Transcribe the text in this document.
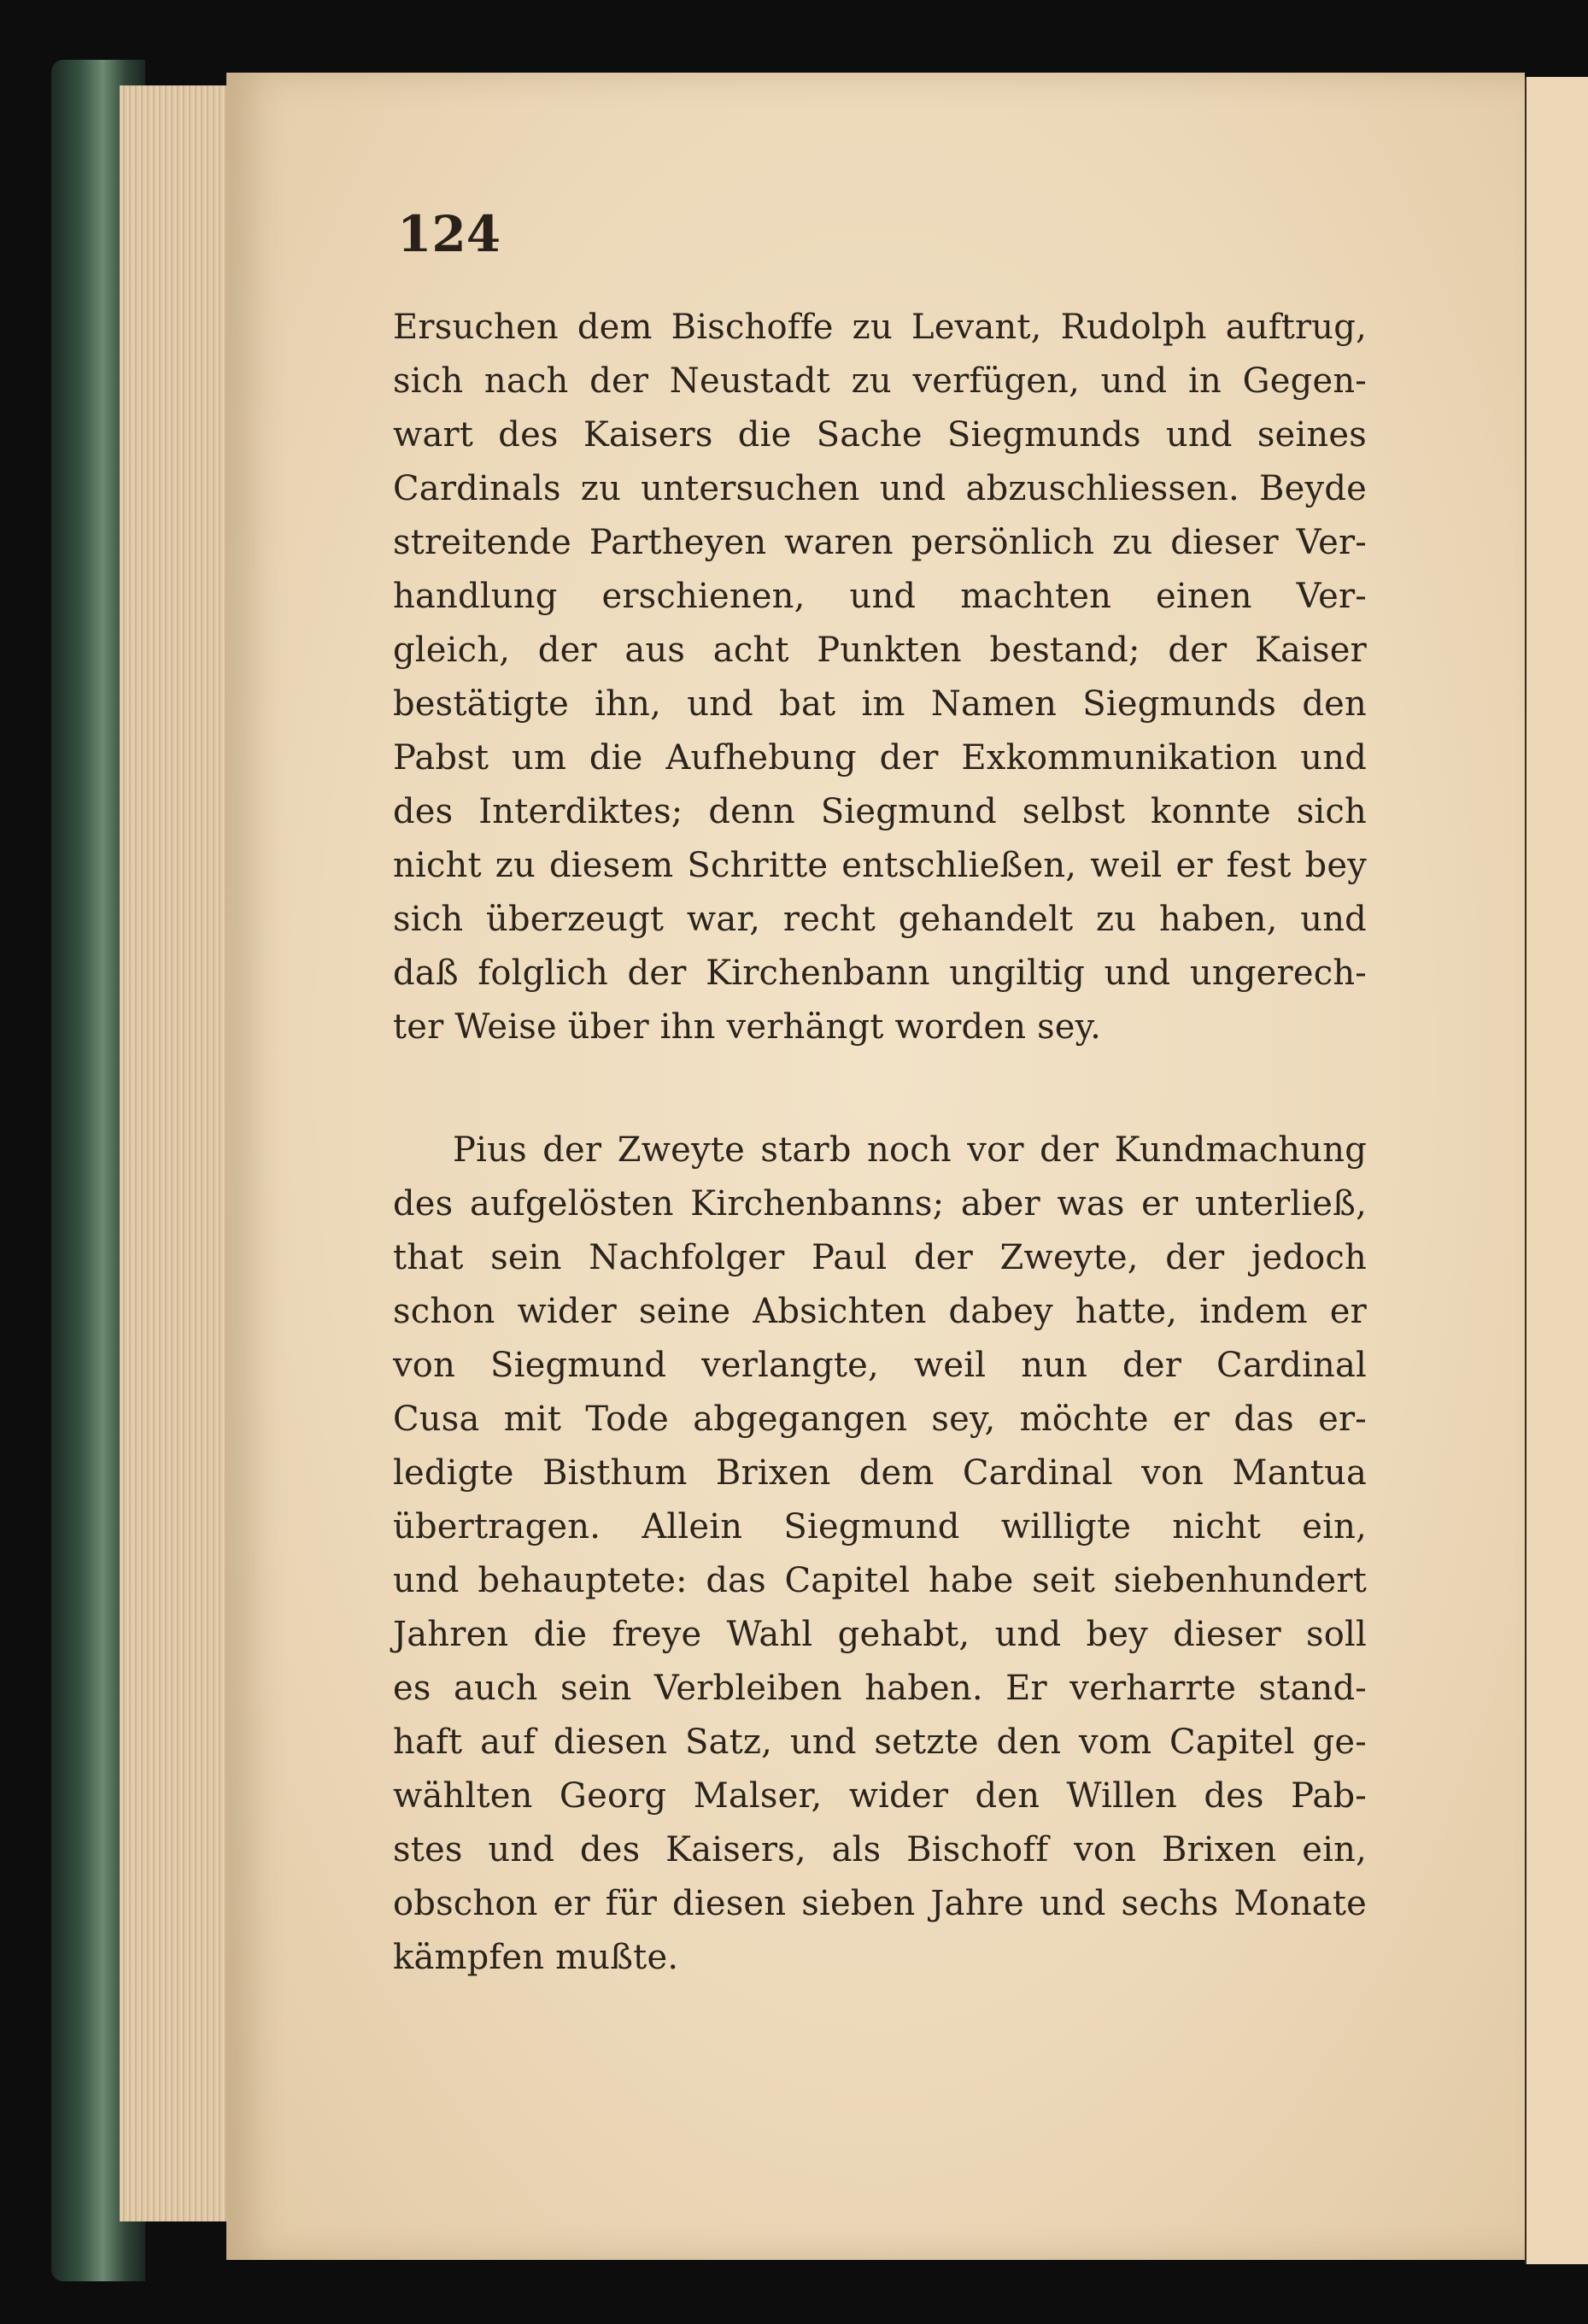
124
Ersuchen dem Bischoffe zu Levant, Rudolph auftrug,
sich nach der Neustadt zu verfügen, und in Gegen-
wart des Kaisers die Sache Siegmunds und seines
Cardinals zu untersuchen und abzuschliessen. Beyde
streitende Partheyen waren persönlich zu dieser Ver-
handlung erschienen, und machten einen Ver-
gleich, der aus acht Punkten bestand; der Kaiser
bestätigte ihn, und bat im Namen Siegmunds den
Pabst um die Aufhebung der Exkommunikation und
des Interdiktes; denn Siegmund selbst konnte sich
nicht zu diesem Schritte entschließen, weil er fest bey
sich überzeugt war, recht gehandelt zu haben, und
daß folglich der Kirchenbann ungiltig und ungerech-
ter Weise über ihn verhängt worden sey.
Pius der Zweyte starb noch vor der Kundmachung
des aufgelösten Kirchenbanns; aber was er unterließ,
that sein Nachfolger Paul der Zweyte, der jedoch
schon wider seine Absichten dabey hatte, indem er
von Siegmund verlangte, weil nun der Cardinal
Cusa mit Tode abgegangen sey, möchte er das er-
ledigte Bisthum Brixen dem Cardinal von Mantua
übertragen. Allein Siegmund willigte nicht ein,
und behauptete: das Capitel habe seit siebenhundert
Jahren die freye Wahl gehabt, und bey dieser soll
es auch sein Verbleiben haben. Er verharrte stand-
haft auf diesen Satz, und setzte den vom Capitel ge-
wählten Georg Malser, wider den Willen des Pab-
stes und des Kaisers, als Bischoff von Brixen ein,
obschon er für diesen sieben Jahre und sechs Monate
kämpfen mußte.
